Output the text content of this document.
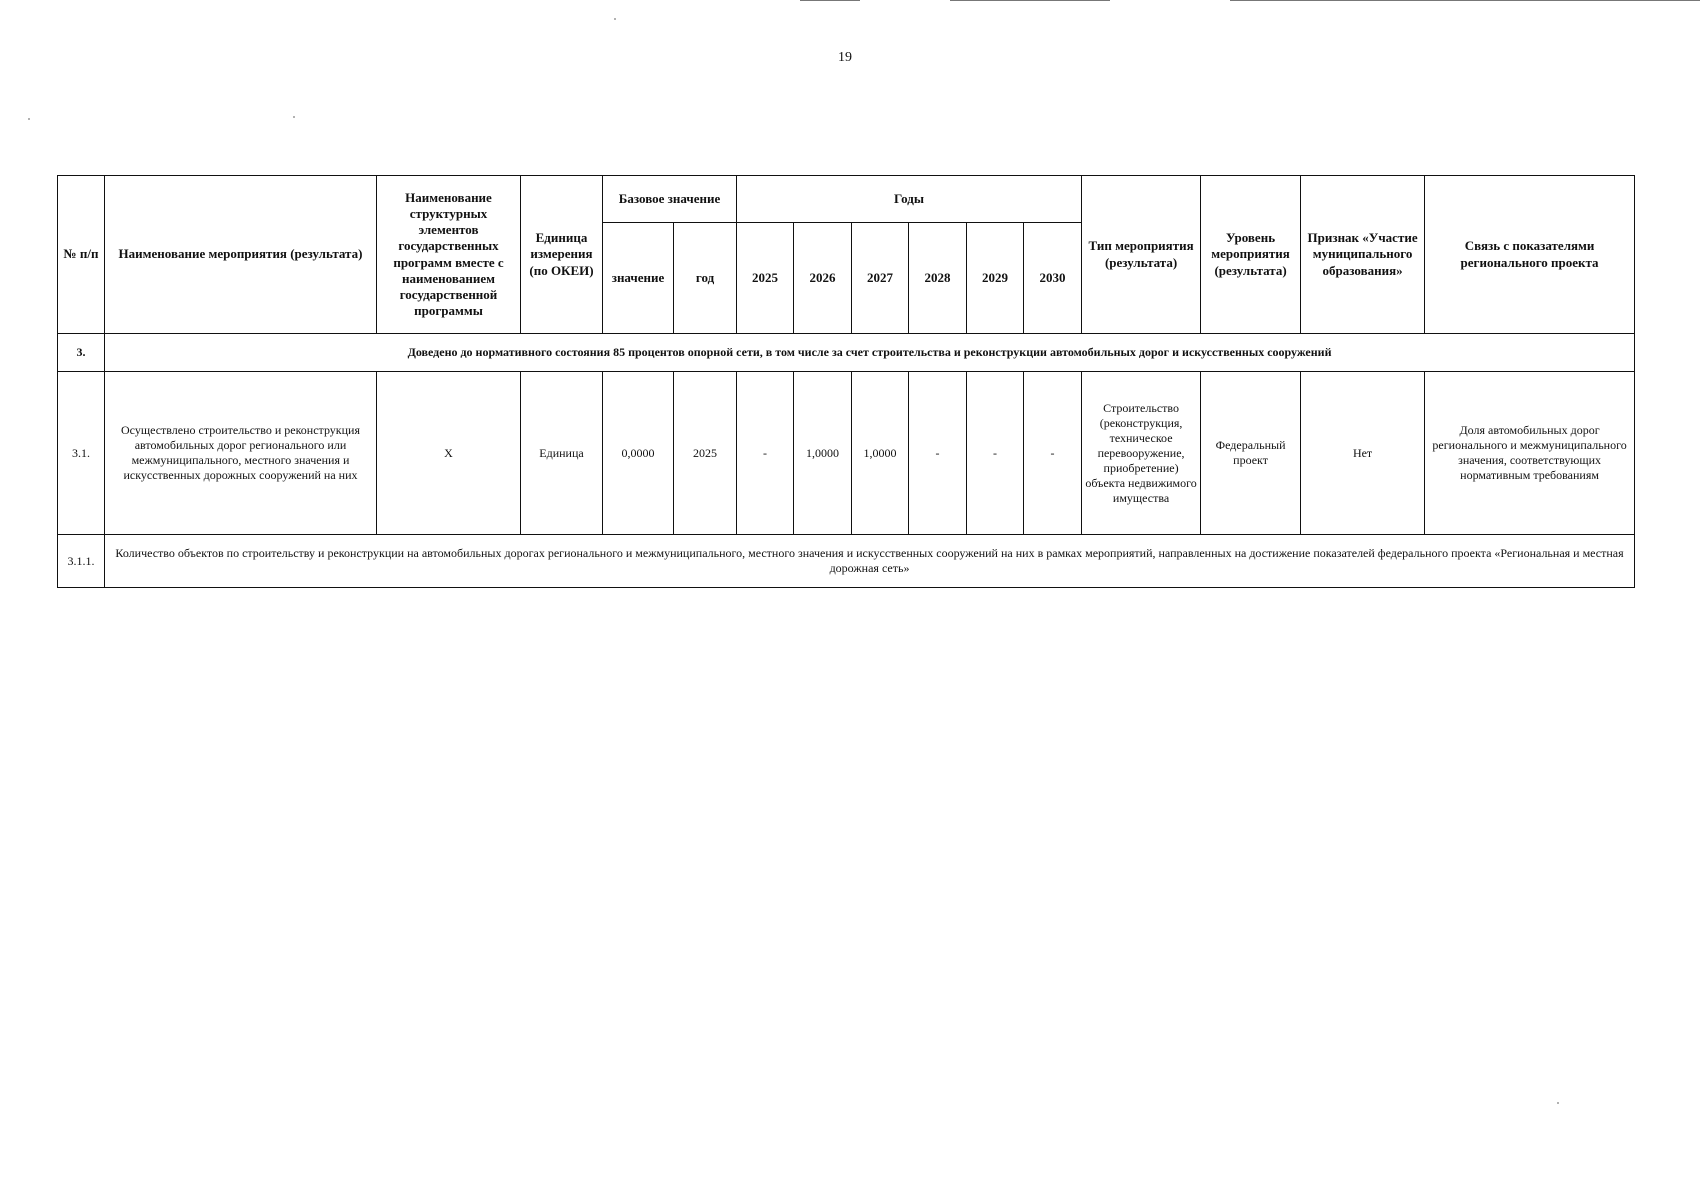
19
№ п/п	Наименование мероприятия (результата)	Наименование структурных элементов государственных программ вместе с наименованием государственной программы	Единица измерения (по ОКЕИ)	Базовое значение		Годы						Тип мероприятия (результата)	Уровень мероприятия (результата)	Признак «Участие муниципального образования»	Связь с показателями регионального проекта
				значение	год	2025	2026	2027	2028	2029	2030				
3.	Доведено до нормативного состояния 85 процентов опорной сети, в том числе за счет строительства и реконструкции автомобильных дорог и искусственных сооружений														
3.1.	Осуществлено строительство и реконструкция автомобильных дорог регионального или межмуниципального, местного значения и искусственных дорожных сооружений на них	X	Единица	0,0000	2025	-	1,0000	1,0000	-	-	-	Строительство (реконструкция, техническое перевооружение, приобретение) объекта недвижимого имущества	Федеральный проект	Нет	Доля автомобильных дорог регионального и межмуниципального значения, соответствующих нормативным требованиям
3.1.1.	Количество объектов по строительству и реконструкции на автомобильных дорогах регионального и межмуниципального, местного значения и искусственных сооружений на них в рамках мероприятий, направленных на достижение показателей федерального проекта «Региональная и местная дорожная сеть»														
